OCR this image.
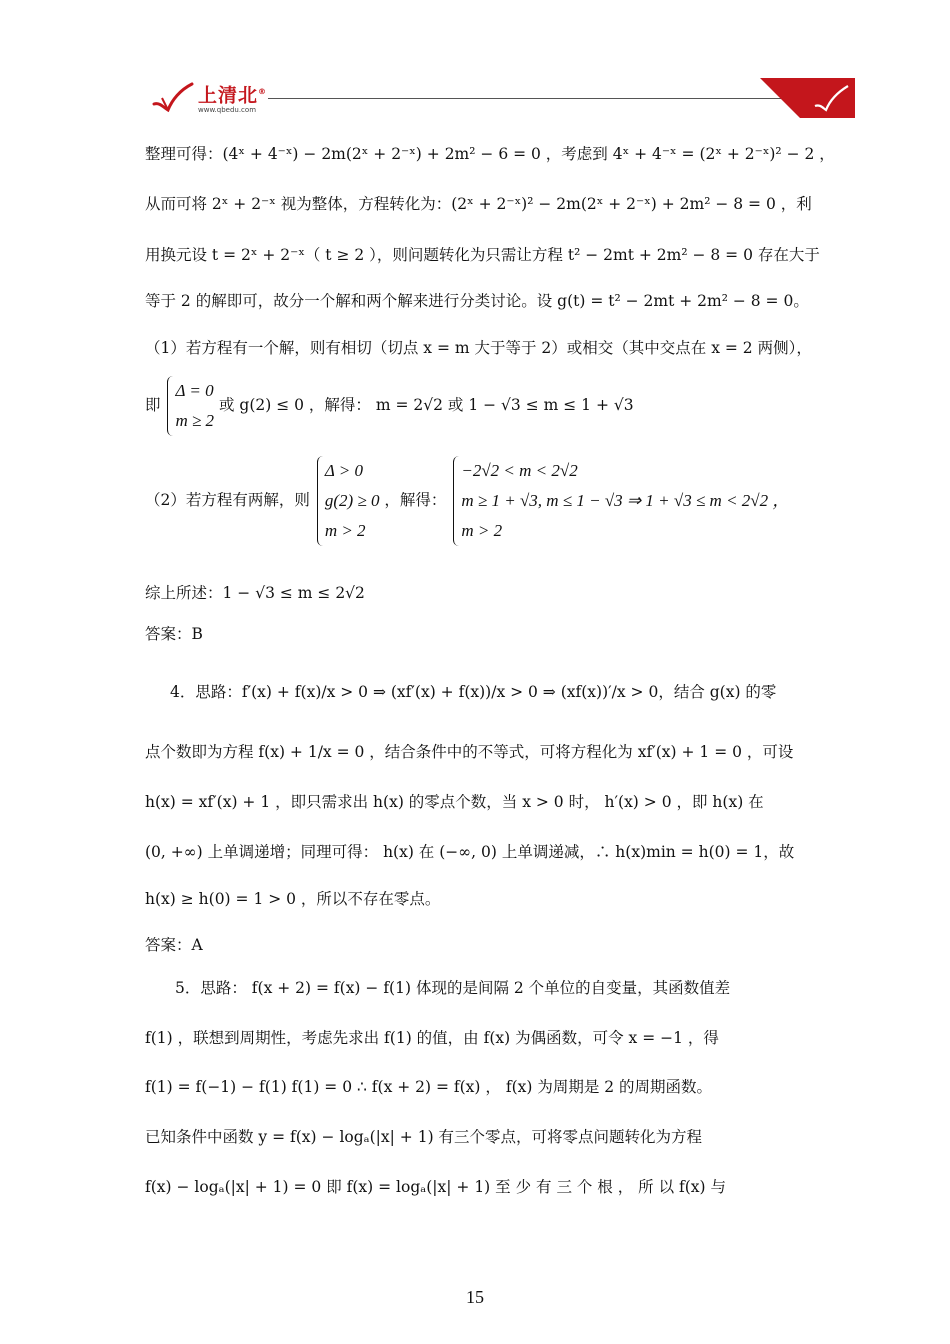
上清北®
www.qbedu.com
整理可得：(4ˣ + 4⁻ˣ) − 2m(2ˣ + 2⁻ˣ) + 2m² − 6 = 0 ，考虑到 4ˣ + 4⁻ˣ = (2ˣ + 2⁻ˣ)² − 2 ，
从而可将 2ˣ + 2⁻ˣ 视为整体，方程转化为：(2ˣ + 2⁻ˣ)² − 2m(2ˣ + 2⁻ˣ) + 2m² − 8 = 0 ，利
用换元设 t = 2ˣ + 2⁻ˣ（ t ≥ 2 ），则问题转化为只需让方程 t² − 2mt + 2m² − 8 = 0 存在大于
等于 2 的解即可，故分一个解和两个解来进行分类讨论。设 g(t) = t² − 2mt + 2m² − 8 = 0。
（1）若方程有一个解，则有相切（切点 x = m 大于等于 2）或相交（其中交点在 x = 2 两侧），
即
Δ = 0
m ≥ 2
或 g(2) ≤ 0 ，解得： m = 2√2 或 1 − √3 ≤ m ≤ 1 + √3
（2）若方程有两解，则
Δ > 0
g(2) ≥ 0
m > 2
，解得：
−2√2 < m < 2√2
m ≥ 1 + √3, m ≤ 1 − √3 ⇒ 1 + √3 ≤ m < 2√2 ，
m > 2
综上所述：1 − √3 ≤ m ≤ 2√2
答案：B
4．思路：f′(x) + f(x)/x > 0 ⇒ (xf′(x) + f(x))/x > 0 ⇒ (xf(x))′/x > 0，结合 g(x) 的零
点个数即为方程 f(x) + 1/x = 0 ，结合条件中的不等式，可将方程化为 xf′(x) + 1 = 0 ，可设
h(x) = xf′(x) + 1 ，即只需求出 h(x) 的零点个数，当 x > 0 时， h′(x) > 0 ，即 h(x) 在
(0, +∞) 上单调递增；同理可得： h(x) 在 (−∞, 0) 上单调递减，∴ h(x)min = h(0) = 1，故
h(x) ≥ h(0) = 1 > 0 ，所以不存在零点。
答案：A
5．思路： f(x + 2) = f(x) − f(1) 体现的是间隔 2 个单位的自变量，其函数值差
f(1) ，联想到周期性，考虑先求出 f(1) 的值，由 f(x) 为偶函数，可令 x = −1 ，得
f(1) = f(−1) − f(1) f(1) = 0 ∴ f(x + 2) = f(x) ， f(x) 为周期是 2 的周期函数。
已知条件中函数 y = f(x) − logₐ(|x| + 1) 有三个零点，可将零点问题转化为方程
f(x) − logₐ(|x| + 1) = 0 即 f(x) = logₐ(|x| + 1) 至 少 有 三 个 根 ， 所 以 f(x) 与
15
